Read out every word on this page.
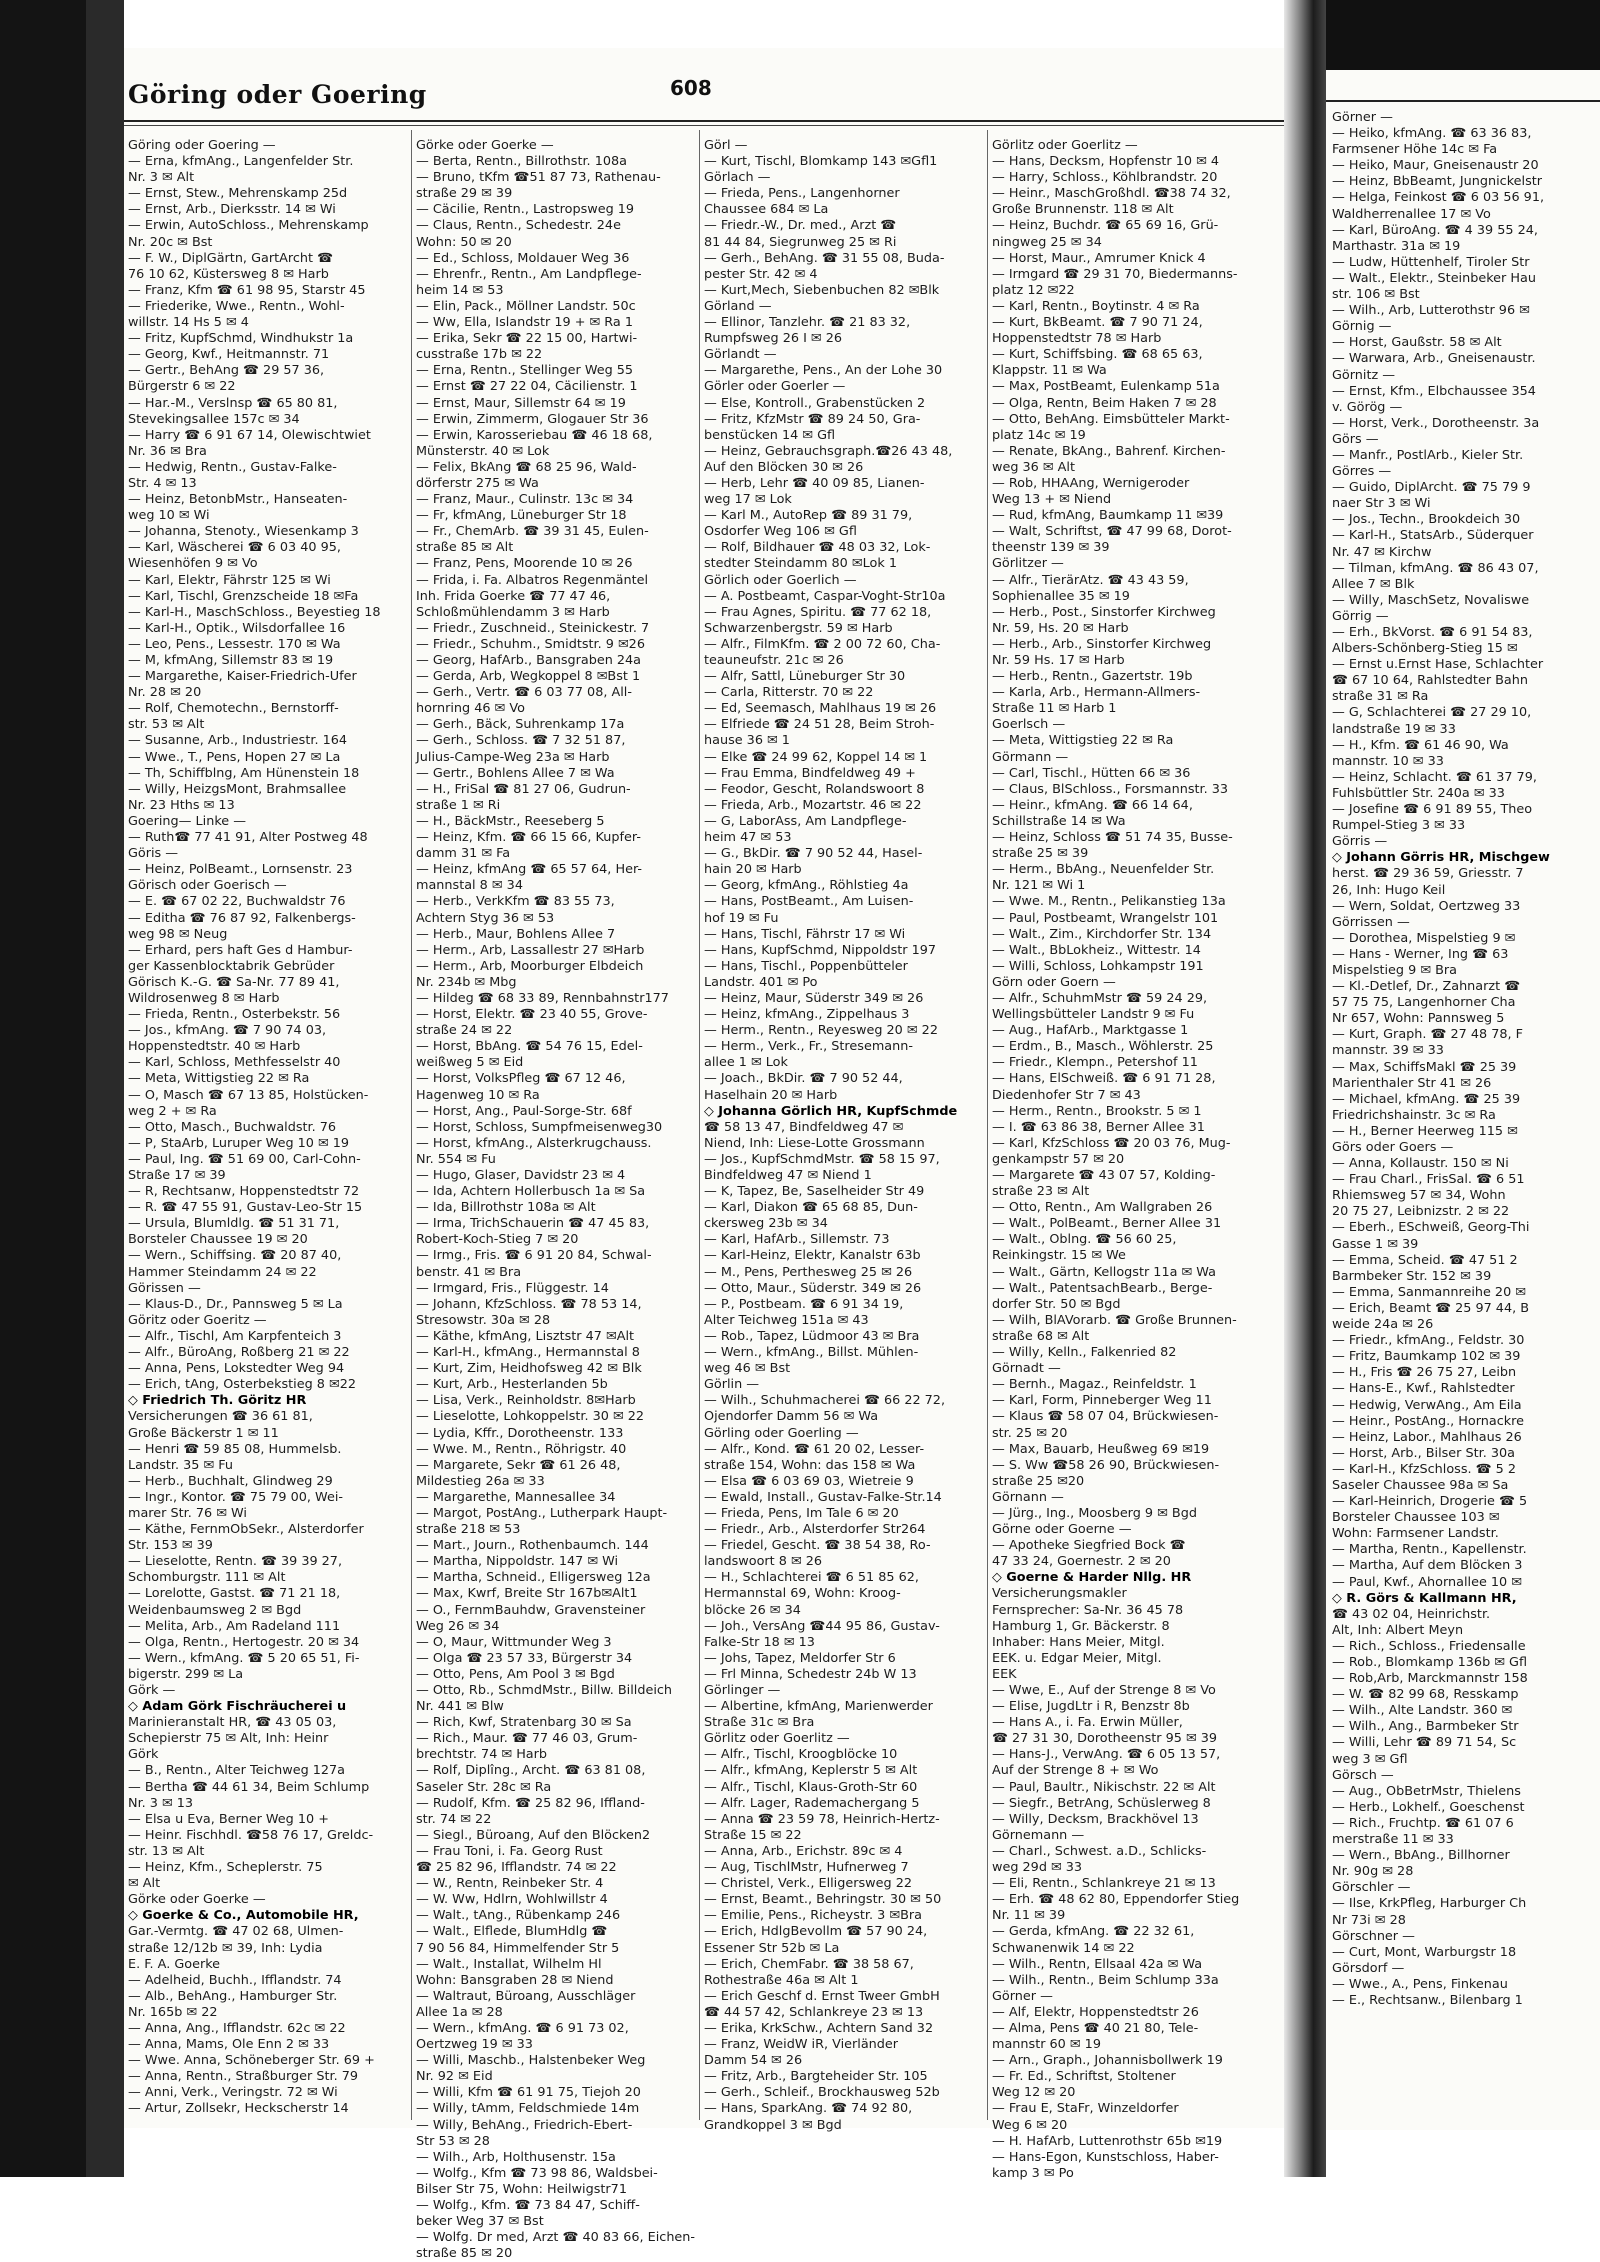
Göring oder Goering	608
Göring oder Goering —
— Erna, kfmAng., Langenfelder Str.
Nr. 3 ✉ Alt
— Ernst, Stew., Mehrenskamp 25d
— Ernst, Arb., Dierksstr. 14 ✉ Wi
— Erwin, AutoSchloss., Mehrenskamp
Nr. 20c ✉ Bst
— F. W., DiplGärtn, GartArcht ☎
76 10 62, Küstersweg 8 ✉ Harb
— Franz, Kfm ☎ 61 98 95, Starstr 45
— Friederike, Wwe., Rentn., Wohl-
willstr. 14 Hs 5 ✉ 4
— Fritz, KupfSchmd, Windhukstr 1a
— Georg, Kwf., Heitmannstr. 71
— Gertr., BehAng ☎ 29 57 36,
Bürgerstr 6 ✉ 22
— Har.-M., Verslnsp ☎ 65 80 81,
Stevekingsallee 157c ✉ 34
— Harry ☎ 6 91 67 14, Olewischtwiet
Nr. 36 ✉ Bra
— Hedwig, Rentn., Gustav-Falke-
Str. 4 ✉ 13
— Heinz, BetonbMstr., Hanseaten-
weg 10 ✉ Wi
— Johanna, Stenoty., Wiesenkamp 3
— Karl, Wäscherei ☎ 6 03 40 95,
Wiesenhöfen 9 ✉ Vo
— Karl, Elektr, Fährstr 125 ✉ Wi
— Karl, Tischl, Grenzscheide 18 ✉Fa
— Karl-H., MaschSchloss., Beyestieg 18
— Karl-H., Optik., Wilsdorfallee 16
— Leo, Pens., Lessestr. 170 ✉ Wa
— M, kfmAng, Sillemstr 83 ✉ 19
— Margarethe, Kaiser-Friedrich-Ufer
Nr. 28 ✉ 20
— Rolf, Chemotechn., Bernstorff-
str. 53 ✉ Alt
— Susanne, Arb., Industriestr. 164
— Wwe., T., Pens, Hopen 27 ✉ La
— Th, Schiffblng, Am Hünenstein 18
— Willy, HeizgsMont, Brahmsallee
Nr. 23 Hths ✉ 13
Goering— Linke —
— Ruth☎ 77 41 91, Alter Postweg 48
Göris —
— Heinz, PolBeamt., Lornsenstr. 23
Görisch oder Goerisch —
— E. ☎ 67 02 22, Buchwaldstr 76
— Editha ☎ 76 87 92, Falkenbergs-
weg 98 ✉ Neug
— Erhard, pers haft Ges d Hambur-
ger Kassenblocktabrik Gebrüder
Görisch K.-G. ☎ Sa-Nr. 77 89 41,
Wildrosenweg 8 ✉ Harb
— Frieda, Rentn., Osterbekstr. 56
— Jos., kfmAng. ☎ 7 90 74 03,
Hoppenstedtstr. 40 ✉ Harb
— Karl, Schloss, Methfesselstr 40
— Meta, Wittigstieg 22 ✉ Ra
— O, Masch ☎ 67 13 85, Holstücken-
weg 2 + ✉ Ra
— Otto, Masch., Buchwaldstr. 76
— P, StaArb, Luruper Weg 10 ✉ 19
— Paul, Ing. ☎ 51 69 00, Carl-Cohn-
Straße 17 ✉ 39
— R, Rechtsanw, Hoppenstedtstr 72
— R. ☎ 47 55 91, Gustav-Leo-Str 15
— Ursula, Blumldlg. ☎ 51 31 71,
Borsteler Chaussee 19 ✉ 20
— Wern., Schiffsing. ☎ 20 87 40,
Hammer Steindamm 24 ✉ 22
Görissen —
— Klaus-D., Dr., Pannsweg 5 ✉ La
Göritz oder Goeritz —
— Alfr., Tischl, Am Karpfenteich 3
— Alfr., BüroAng, Roßberg 21 ✉ 22
— Anna, Pens, Lokstedter Weg 94
— Erich, tAng, Osterbekstieg 8 ✉22
◇ Friedrich Th. Göritz HR
Versicherungen ☎ 36 61 81,
Große Bäckerstr 1 ✉ 11
— Henri ☎ 59 85 08, Hummelsb.
Landstr. 35 ✉ Fu
— Herb., Buchhalt, Glindweg 29
— Ingr., Kontor. ☎ 75 79 00, Wei-
marer Str. 76 ✉ Wi
— Käthe, FernmObSekr., Alsterdorfer
Str. 153 ✉ 39
— Lieselotte, Rentn. ☎ 39 39 27,
Schomburgstr. 111 ✉ Alt
— Lorelotte, Gastst. ☎ 71 21 18,
Weidenbaumsweg 2 ✉ Bgd
— Melita, Arb., Am Radeland 111
— Olga, Rentn., Hertogestr. 20 ✉ 34
— Wern., kfmAng. ☎ 5 20 65 51, Fi-
bigerstr. 299 ✉ La
Görk —
◇ Adam Görk Fischräucherei u
Marinieranstalt HR, ☎ 43 05 03,
Schepierstr 75 ✉ Alt, Inh: Heinr
Görk
— B., Rentn., Alter Teichweg 127a
— Bertha ☎ 44 61 34, Beim Schlump
Nr. 3 ✉ 13
— Elsa u Eva, Berner Weg 10 +
— Heinr. Fischhdl. ☎58 76 17, Greldc-
str. 13 ✉ Alt
— Heinz, Kfm., Scheplerstr. 75
✉ Alt
Görke oder Goerke —
◇ Goerke & Co., Automobile HR,
Gar.-Vermtg. ☎ 47 02 68, Ulmen-
straße 12/12b ✉ 39, Inh: Lydia
E. F. A. Goerke
— Adelheid, Buchh., Ifflandstr. 74
— Alb., BehAng., Hamburger Str.
Nr. 165b ✉ 22
— Anna, Ang., Ifflandstr. 62c ✉ 22
— Anna, Mams, Ole Enn 2 ✉ 33
— Wwe. Anna, Schöneberger Str. 69 +
— Anna, Rentn., Straßburger Str. 79
— Anni, Verk., Veringstr. 72 ✉ Wi
— Artur, Zollsekr, Heckscherstr 14
Görke oder Goerke —
— Berta, Rentn., Billrothstr. 108a
— Bruno, tKfm ☎51 87 73, Rathenau-
straße 29 ✉ 39
— Cäcilie, Rentn., Lastropsweg 19
— Claus, Rentn., Schedestr. 24e
Wohn: 50 ✉ 20
— Ed., Schloss, Moldauer Weg 36
— Ehrenfr., Rentn., Am Landpflege-
heim 14 ✉ 53
— Elin, Pack., Möllner Landstr. 50c
— Ww, Ella, Islandstr 19 + ✉ Ra 1
— Erika, Sekr ☎ 22 15 00, Hartwi-
cusstraße 17b ✉ 22
— Erna, Rentn., Stellinger Weg 55
— Ernst ☎ 27 22 04, Cäcilienstr. 1
— Ernst, Maur, Sillemstr 64 ✉ 19
— Erwin, Zimmerm, Glogauer Str 36
— Erwin, Karosseriebau ☎ 46 18 68,
Münsterstr. 40 ✉ Lok
— Felix, BkAng ☎ 68 25 96, Wald-
dörferstr 275 ✉ Wa
— Franz, Maur., Culinstr. 13c ✉ 34
— Fr, kfmAng, Lüneburger Str 18
— Fr., ChemArb. ☎ 39 31 45, Eulen-
straße 85 ✉ Alt
— Franz, Pens, Moorende 10 ✉ 26
— Frida, i. Fa. Albatros Regenmäntel
Inh. Frida Goerke ☎ 77 47 46,
Schloßmühlendamm 3 ✉ Harb
— Friedr., Zuschneid., Steinickestr. 7
— Friedr., Schuhm., Smidtstr. 9 ✉26
— Georg, HafArb., Bansgraben 24a
— Gerda, Arb, Wegkoppel 8 ✉Bst 1
— Gerh., Vertr. ☎ 6 03 77 08, All-
hornring 46 ✉ Vo
— Gerh., Bäck, Suhrenkamp 17a
— Gerh., Schloss. ☎ 7 32 51 87,
Julius-Campe-Weg 23a ✉ Harb
— Gertr., Bohlens Allee 7 ✉ Wa
— H., FriSal ☎ 81 27 06, Gudrun-
straße 1 ✉ Ri
— H., BäckMstr., Reeseberg 5
— Heinz, Kfm. ☎ 66 15 66, Kupfer-
damm 31 ✉ Fa
— Heinz, kfmAng ☎ 65 57 64, Her-
mannstal 8 ✉ 34
— Herb., VerkKfm ☎ 83 55 73,
Achtern Styg 36 ✉ 53
— Herb., Maur, Bohlens Allee 7
— Herm., Arb, Lassallestr 27 ✉Harb
— Herm., Arb, Moorburger Elbdeich
Nr. 234b ✉ Mbg
— Hildeg ☎ 68 33 89, Rennbahnstr177
— Horst, Elektr. ☎ 23 40 55, Grove-
straße 24 ✉ 22
— Horst, BbAng. ☎ 54 76 15, Edel-
weißweg 5 ✉ Eid
— Horst, VolksPfleg ☎ 67 12 46,
Hagenweg 10 ✉ Ra
— Horst, Ang., Paul-Sorge-Str. 68f
— Horst, Schloss, Sumpfmeisenweg30
— Horst, kfmAng., Alsterkrugchauss.
Nr. 554 ✉ Fu
— Hugo, Glaser, Davidstr 23 ✉ 4
— Ida, Achtern Hollerbusch 1a ✉ Sa
— Ida, Billrothstr 108a ✉ Alt
— Irma, TrichSchauerin ☎ 47 45 83,
Robert-Koch-Stieg 7 ✉ 20
— Irmg., Fris. ☎ 6 91 20 84, Schwal-
benstr. 41 ✉ Bra
— Irmgard, Fris., Flüggestr. 14
— Johann, KfzSchloss. ☎ 78 53 14,
Stresowstr. 30a ✉ 28
— Käthe, kfmAng, Lisztstr 47 ✉Alt
— Karl-H., kfmAng., Hermannstal 8
— Kurt, Zim, Heidhofsweg 42 ✉ Blk
— Kurt, Arb., Hesterlanden 5b
— Lisa, Verk., Reinholdstr. 8✉Harb
— Lieselotte, Lohkoppelstr. 30 ✉ 22
— Lydia, Kffr., Dorotheenstr. 133
— Wwe. M., Rentn., Röhrigstr. 40
— Margarete, Sekr ☎ 61 26 48,
Mildestieg 26a ✉ 33
— Margarethe, Mannesallee 34
— Margot, PostAng., Lutherpark Haupt-
straße 218 ✉ 53
— Mart., Journ., Rothenbaumch. 144
— Martha, Nippoldstr. 147 ✉ Wi
— Martha, Schneid., Elligersweg 12a
— Max, Kwrf, Breite Str 167b✉Alt1
— O., FernmBauhdw, Gravensteiner
Weg 26 ✉ 34
— O, Maur, Wittmunder Weg 3
— Olga ☎ 23 57 33, Bürgerstr 34
— Otto, Pens, Am Pool 3 ✉ Bgd
— Otto, Rb., SchmdMstr., Billw. Billdeich
Nr. 441 ✉ Blw
— Rich, Kwf, Stratenbarg 30 ✉ Sa
— Rich., Maur. ☎ 77 46 03, Grum-
brechtstr. 74 ✉ Harb
— Rolf, Diplîng., Archt. ☎ 63 81 08,
Saseler Str. 28c ✉ Ra
— Rudolf, Kfm. ☎ 25 82 96, Iffland-
str. 74 ✉ 22
— Siegl., Büroang, Auf den Blöcken2
— Frau Toni, i. Fa. Georg Rust
☎ 25 82 96, Ifflandstr. 74 ✉ 22
— W., Rentn, Reinbeker Str. 4
— W. Ww, Hdlrn, Wohlwillstr 4
— Walt., tAng., Rübenkamp 246
— Walt., Elflede, BlumHdlg ☎
7 90 56 84, Himmelfender Str 5
— Walt., Installat, Wilhelm Hl
Wohn: Bansgraben 28 ✉ Niend
— Waltraut, Büroang, Ausschläger
Allee 1a ✉ 28
— Wern., kfmAng. ☎ 6 91 73 02,
Oertzweg 19 ✉ 33
— Willi, Maschb., Halstenbeker Weg
Nr. 92 ✉ Eid
— Willi, Kfm ☎ 61 91 75, Tiejoh 20
— Willy, tAmm, Feldschmiede 14m
— Willy, BehAng., Friedrich-Ebert-
Str 53 ✉ 28
— Wilh., Arb, Holthusenstr. 15a
— Wolfg., Kfm ☎ 73 98 86, Waldsbei-
Bilser Str 75, Wohn: Heilwigstr71
— Wolfg., Kfm. ☎ 73 84 47, Schiff-
beker Weg 37 ✉ Bst
— Wolfg. Dr med, Arzt ☎ 40 83 66, Eichen-
straße 85 ✉ 20
Görl —
— Kurt, Tischl, Blomkamp 143 ✉Gfl1
Görlach —
— Frieda, Pens., Langenhorner
Chaussee 684 ✉ La
— Friedr.-W., Dr. med., Arzt ☎
81 44 84, Siegrunweg 25 ✉ Ri
— Gerh., BehAng. ☎ 31 55 08, Buda-
pester Str. 42 ✉ 4
— Kurt,Mech, Siebenbuchen 82 ✉Blk
Görland —
— Ellinor, Tanzlehr. ☎ 21 83 32,
Rumpfsweg 26 I ✉ 26
Görlandt —
— Margarethe, Pens., An der Lohe 30
Görler oder Goerler —
— Else, Kontroll., Grabenstücken 2
— Fritz, KfzMstr ☎ 89 24 50, Gra-
benstücken 14 ✉ Gfl
— Heinz, Gebrauchsgraph.☎26 43 48,
Auf den Blöcken 30 ✉ 26
— Herb, Lehr ☎ 40 09 85, Lianen-
weg 17 ✉ Lok
— Karl M., AutoRep ☎ 89 31 79,
Osdorfer Weg 106 ✉ Gfl
— Rolf, Bildhauer ☎ 48 03 32, Lok-
stedter Steindamm 80 ✉Lok 1
Görlich oder Goerlich —
— A. Postbeamt, Caspar-Voght-Str10a
— Frau Agnes, Spiritu. ☎ 77 62 18,
Schwarzenbergstr. 59 ✉ Harb
— Alfr., FilmKfm. ☎ 2 00 72 60, Cha-
teauneufstr. 21c ✉ 26
— Alfr, Sattl, Lüneburger Str 30
— Carla, Ritterstr. 70 ✉ 22
— Ed, Seemasch, Mahlhaus 19 ✉ 26
— Elfriede ☎ 24 51 28, Beim Stroh-
hause 36 ✉ 1
— Elke ☎ 24 99 62, Koppel 14 ✉ 1
— Frau Emma, Bindfeldweg 49 +
— Feodor, Gescht, Rolandswoort 8
— Frieda, Arb., Mozartstr. 46 ✉ 22
— G, LaborAss, Am Landpflege-
heim 47 ✉ 53
— G., BkDir. ☎ 7 90 52 44, Hasel-
hain 20 ✉ Harb
— Georg, kfmAng., Röhlstieg 4a
— Hans, PostBeamt., Am Luisen-
hof 19 ✉ Fu
— Hans, Tischl, Fährstr 17 ✉ Wi
— Hans, KupfSchmd, Nippoldstr 197
— Hans, Tischl., Poppenbütteler
Landstr. 401 ✉ Po
— Heinz, Maur, Süderstr 349 ✉ 26
— Heinz, kfmAng., Zippelhaus 3
— Herm., Rentn., Reyesweg 20 ✉ 22
— Herm., Verk., Fr., Stresemann-
allee 1 ✉ Lok
— Joach., BkDir. ☎ 7 90 52 44,
Haselhain 20 ✉ Harb
◇ Johanna Görlich HR, KupfSchmde
☎ 58 13 47, Bindfeldweg 47 ✉
Niend, Inh: Liese-Lotte Grossmann
— Jos., KupfSchmdMstr. ☎ 58 15 97,
Bindfeldweg 47 ✉ Niend 1
— K, Tapez, Be, Saselheider Str 49
— Karl, Diakon ☎ 65 68 85, Dun-
ckersweg 23b ✉ 34
— Karl, HafArb., Sillemstr. 73
— Karl-Heinz, Elektr, Kanalstr 63b
— M., Pens, Perthesweg 25 ✉ 26
— Otto, Maur., Süderstr. 349 ✉ 26
— P., Postbeam. ☎ 6 91 34 19,
Alter Teichweg 151a ✉ 43
— Rob., Tapez, Lüdmoor 43 ✉ Bra
— Wern., kfmAng., Billst. Mühlen-
weg 46 ✉ Bst
Görlin —
— Wilh., Schuhmacherei ☎ 66 22 72,
Ojendorfer Damm 56 ✉ Wa
Görling oder Goerling —
— Alfr., Kond. ☎ 61 20 02, Lesser-
straße 154, Wohn: das 158 ✉ Wa
— Elsa ☎ 6 03 69 03, Wietreie 9
— Ewald, Install., Gustav-Falke-Str.14
— Frieda, Pens, Im Tale 6 ✉ 20
— Friedr., Arb., Alsterdorfer Str264
— Friedel, Gescht. ☎ 38 54 38, Ro-
landswoort 8 ✉ 26
— H., Schlachterei ☎ 6 51 85 62,
Hermannstal 69, Wohn: Kroog-
blöcke 26 ✉ 34
— Joh., VersAng ☎44 95 86, Gustav-
Falke-Str 18 ✉ 13
— Johs, Tapez, Meldorfer Str 6
— Frl Minna, Schedestr 24b W 13
Görlinger —
— Albertine, kfmAng, Marienwerder
Straße 31c ✉ Bra
Görlitz oder Goerlitz —
— Alfr., Tischl, Kroogblöcke 10
— Alfr., kfmAng, Keplerstr 5 ✉ Alt
— Alfr., Tischl, Klaus-Groth-Str 60
— Alfr. Lager, Rademachergang 5
— Anna ☎ 23 59 78, Heinrich-Hertz-
Straße 15 ✉ 22
— Anna, Arb., Erichstr. 89c ✉ 4
— Aug, TischlMstr, Hufnerweg 7
— Christel, Verk., Elligersweg 22
— Ernst, Beamt., Behringstr. 30 ✉ 50
— Emilie, Pens., Richeystr. 3 ✉Bra
— Erich, HdlgBevollm ☎ 57 90 24,
Essener Str 52b ✉ La
— Erich, ChemFabr. ☎ 38 58 67,
Rothestraße 46a ✉ Alt 1
— Erich Geschf d. Ernst Tweer GmbH
☎ 44 57 42, Schlankreye 23 ✉ 13
— Erika, KrkSchw., Achtern Sand 32
— Franz, WeidW iR, Vierländer
Damm 54 ✉ 26
— Fritz, Arb., Bargteheider Str. 105
— Gerh., Schleif., Brockhausweg 52b
— Hans, SparkAng. ☎ 74 92 80,
Grandkoppel 3 ✉ Bgd
Görlitz oder Goerlitz —
— Hans, Decksm, Hopfenstr 10 ✉ 4
— Harry, Schloss., Köhlbrandstr. 20
— Heinr., MaschGroßhdl. ☎38 74 32,
Große Brunnenstr. 118 ✉ Alt
— Heinz, Buchdr. ☎ 65 69 16, Grü-
ningweg 25 ✉ 34
— Horst, Maur., Amrumer Knick 4
— Irmgard ☎ 29 31 70, Biedermanns-
platz 12 ✉22
— Karl, Rentn., Boytinstr. 4 ✉ Ra
— Kurt, BkBeamt. ☎ 7 90 71 24,
Hoppenstedtstr 78 ✉ Harb
— Kurt, Schiffsbing. ☎ 68 65 63,
Klappstr. 11 ✉ Wa
— Max, PostBeamt, Eulenkamp 51a
— Olga, Rentn, Beim Haken 7 ✉ 28
— Otto, BehAng. Eimsbütteler Markt-
platz 14c ✉ 19
— Renate, BkAng., Bahrenf. Kirchen-
weg 36 ✉ Alt
— Rob, HHAAng, Wernigeroder
Weg 13 + ✉ Niend
— Rud, kfmAng, Baumkamp 11 ✉39
— Walt, Schriftst, ☎ 47 99 68, Dorot-
theenstr 139 ✉ 39
Görlitzer —
— Alfr., TierärAtz. ☎ 43 43 59,
Sophienallee 35 ✉ 19
— Herb., Post., Sinstorfer Kirchweg
Nr. 59, Hs. 20 ✉ Harb
— Herb., Arb., Sinstorfer Kirchweg
Nr. 59 Hs. 17 ✉ Harb
— Herb., Rentn., Gazertstr. 19b
— Karla, Arb., Hermann-Allmers-
Straße 11 ✉ Harb 1
Goerlsch —
— Meta, Wittigstieg 22 ✉ Ra
Görmann —
— Carl, Tischl., Hütten 66 ✉ 36
— Claus, BlSchloss., Forsmannstr. 33
— Heinr., kfmAng. ☎ 66 14 64,
Schillstraße 14 ✉ Wa
— Heinz, Schloss ☎ 51 74 35, Busse-
straße 25 ✉ 39
— Herm., BbAng., Neuenfelder Str.
Nr. 121 ✉ Wi 1
— Wwe. M., Rentn., Pelikanstieg 13a
— Paul, Postbeamt, Wrangelstr 101
— Walt., Zim., Kirchdorfer Str. 134
— Walt., BbLokheiz., Wittestr. 14
— Willi, Schloss, Lohkampstr 191
Görn oder Goern —
— Alfr., SchuhmMstr ☎ 59 24 29,
Wellingsbütteler Landstr 9 ✉ Fu
— Aug., HafArb., Marktgasse 1
— Erdm., B., Masch., Wöhlerstr. 25
— Friedr., Klempn., Petershof 11
— Hans, ElSchweiß. ☎ 6 91 71 28,
Diedenhofer Str 7 ✉ 43
— Herm., Rentn., Brookstr. 5 ✉ 1
— I. ☎ 63 86 38, Berner Allee 31
— Karl, KfzSchloss ☎ 20 03 76, Mug-
genkampstr 57 ✉ 20
— Margarete ☎ 43 07 57, Kolding-
straße 23 ✉ Alt
— Otto, Rentn., Am Wallgraben 26
— Walt., PolBeamt., Berner Allee 31
— Walt., Oblng. ☎ 56 60 25,
Reinkingstr. 15 ✉ We
— Walt., Gärtn, Kellogstr 11a ✉ Wa
— Walt., PatentsachBearb., Berge-
dorfer Str. 50 ✉ Bgd
— Wilh, BlAVorarb. ☎ Große Brunnen-
straße 68 ✉ Alt
— Willy, Kelln., Falkenried 82
Görnadt —
— Bernh., Magaz., Reinfeldstr. 1
— Karl, Form, Pinneberger Weg 11
— Klaus ☎ 58 07 04, Brückwiesen-
str. 25 ✉ 20
— Max, Bauarb, Heußweg 69 ✉19
— S. Ww ☎58 26 90, Brückwiesen-
straße 25 ✉20
Görnann —
— Jürg., Ing., Moosberg 9 ✉ Bgd
Görne oder Goerne —
— Apotheke Siegfried Bock ☎
47 33 24, Goernestr. 2 ✉ 20
◇ Goerne & Harder Nllg. HR
Versicherungsmakler
Fernsprecher: Sa-Nr. 36 45 78
Hamburg 1, Gr. Bäckerstr. 8
Inhaber: Hans Meier, Mitgl.
EEK. u. Edgar Meier, Mitgl.
EEK
— Wwe, E., Auf der Strenge 8 ✉ Vo
— Elise, JugdLtr i R, Benzstr 8b
— Hans A., i. Fa. Erwin Müller,
☎ 27 31 30, Dorotheenstr 95 ✉ 39
— Hans-J., VerwAng. ☎ 6 05 13 57,
Auf der Strenge 8 + ✉ Wo
— Paul, Baultr., Nikischstr. 22 ✉ Alt
— Siegfr., BetrAng, Schüslerweg 8
— Willy, Decksm, Brackhövel 13
Görnemann —
— Charl., Schwest. a.D., Schlicks-
weg 29d ✉ 33
— Eli, Rentn., Schlankreye 21 ✉ 13
— Erh. ☎ 48 62 80, Eppendorfer Stieg
Nr. 11 ✉ 39
— Gerda, kfmAng. ☎ 22 32 61,
Schwanenwik 14 ✉ 22
— Wilh., Rentn, Ellsaal 42a ✉ Wa
— Wilh., Rentn., Beim Schlump 33a
Görner —
— Alf, Elektr, Hoppenstedtstr 26
— Alma, Pens ☎ 40 21 80, Tele-
mannstr 60 ✉ 19
— Arn., Graph., Johannisbollwerk 19
— Fr. Ed., Schriftst, Stoltener
Weg 12 ✉ 20
— Frau E, StaFr, Winzeldorfer
Weg 6 ✉ 20
— H. HafArb, Luttenrothstr 65b ✉19
— Hans-Egon, Kunstschloss, Haber-
kamp 3 ✉ Po
Görner —
— Heiko, kfmAng. ☎ 63 36 83,
Farmsener Höhe 14c ✉ Fa
— Heiko, Maur, Gneisenaustr 20
— Heinz, BbBeamt, Jungnickelstr
— Helga, Feinkost ☎ 6 03 56 91,
Waldherrenallee 17 ✉ Vo
— Karl, BüroAng. ☎ 4 39 55 24,
Marthastr. 31a ✉ 19
— Ludw, Hüttenhelf, Tiroler Str
— Walt., Elektr., Steinbeker Hau
str. 106 ✉ Bst
— Wilh., Arb, Lutterothstr 96 ✉
Görnig —
— Horst, Gaußstr. 58 ✉ Alt
— Warwara, Arb., Gneisenaustr.
Görnitz —
— Ernst, Kfm., Elbchaussee 354
v. Görög —
— Horst, Verk., Dorotheenstr. 3a
Görs —
— Manfr., PostlArb., Kieler Str.
Görres —
— Guido, DiplArcht. ☎ 75 79 9
naer Str 3 ✉ Wi
— Jos., Techn., Brookdeich 30
— Karl-H., StatsArb., Süderquer
Nr. 47 ✉ Kirchw
— Tilman, kfmAng. ☎ 86 43 07,
Allee 7 ✉ Blk
— Willy, MaschSetz, Novaliswe
Görrig —
— Erh., BkVorst. ☎ 6 91 54 83,
Albers-Schönberg-Stieg 15 ✉
— Ernst u.Ernst Hase, Schlachter
☎ 67 10 64, Rahlstedter Bahn
straße 31 ✉ Ra
— G, Schlachterei ☎ 27 29 10,
landstraße 19 ✉ 33
— H., Kfm. ☎ 61 46 90, Wa
mannstr. 10 ✉ 33
— Heinz, Schlacht. ☎ 61 37 79,
Fuhlsbüttler Str. 240a ✉ 33
— Josefine ☎ 6 91 89 55, Theo
Rumpel-Stieg 3 ✉ 33
Görris —
◇ Johann Görris HR, Mischgew
herst. ☎ 29 36 59, Griesstr. 7
26, Inh: Hugo Keil
— Wern, Soldat, Oertzweg 33
Görrissen —
— Dorothea, Mispelstieg 9 ✉
— Hans - Werner, Ing ☎ 63
Mispelstieg 9 ✉ Bra
— Kl.-Detlef, Dr., Zahnarzt ☎
57 75 75, Langenhorner Cha
Nr 657, Wohn: Pannsweg 5
— Kurt, Graph. ☎ 27 48 78, F
mannstr. 39 ✉ 33
— Max, SchiffsMakl ☎ 25 39
Marienthaler Str 41 ✉ 26
— Michael, kfmAng. ☎ 25 39
Friedrichshainstr. 3c ✉ Ra
— H., Berner Heerweg 115 ✉
Görs oder Goers —
— Anna, Kollaustr. 150 ✉ Ni
— Frau Charl., FrisSal. ☎ 6 51
Rhiemsweg 57 ✉ 34, Wohn
20 75 27, Leibnizstr. 2 ✉ 22
— Eberh., ESchweiß, Georg-Thi
Gasse 1 ✉ 39
— Emma, Scheid. ☎ 47 51 2
Barmbeker Str. 152 ✉ 39
— Emma, Sanmannreihe 20 ✉
— Erich, Beamt ☎ 25 97 44, B
weide 24a ✉ 26
— Friedr., kfmAng., Feldstr. 30
— Fritz, Baumkamp 102 ✉ 39
— H., Fris ☎ 26 75 27, Leibn
— Hans-E., Kwf., Rahlstedter
— Hedwig, VerwAng., Am Eila
— Heinr., PostAng., Hornackre
— Heinz, Labor., Mahlhaus 26
— Horst, Arb., Bilser Str. 30a
— Karl-H., KfzSchloss. ☎ 5 2
Saseler Chaussee 98a ✉ Sa
— Karl-Heinrich, Drogerie ☎ 5
Borsteler Chaussee 103 ✉
Wohn: Farmsener Landstr.
— Martha, Rentn., Kapellenstr.
— Martha, Auf dem Blöcken 3
— Paul, Kwf., Ahornallee 10 ✉
◇ R. Görs & Kallmann HR,
☎ 43 02 04, Heinrichstr.
Alt, Inh: Albert Meyn
— Rich., Schloss., Friedensalle
— Rob., Blomkamp 136b ✉ Gfl
— Rob,Arb, Marckmannstr 158
— W. ☎ 82 99 68, Resskamp
— Wilh., Alte Landstr. 360 ✉
— Wilh., Ang., Barmbeker Str
— Willi, Lehr ☎ 89 71 54, Sc
weg 3 ✉ Gfl
Görsch —
— Aug., ObBetrMstr, Thielens
— Herb., Lokhelf., Goeschenst
— Rich., Fruchtp. ☎ 61 07 6
merstraße 11 ✉ 33
— Wern., BbAng., Billhorner
Nr. 90g ✉ 28
Görschler —
— Ilse, KrkPfleg, Harburger Ch
Nr 73i ✉ 28
Görschner —
— Curt, Mont, Warburgstr 18
Görsdorf —
— Wwe., A., Pens, Finkenau
— E., Rechtsanw., Bilenbarg 1
